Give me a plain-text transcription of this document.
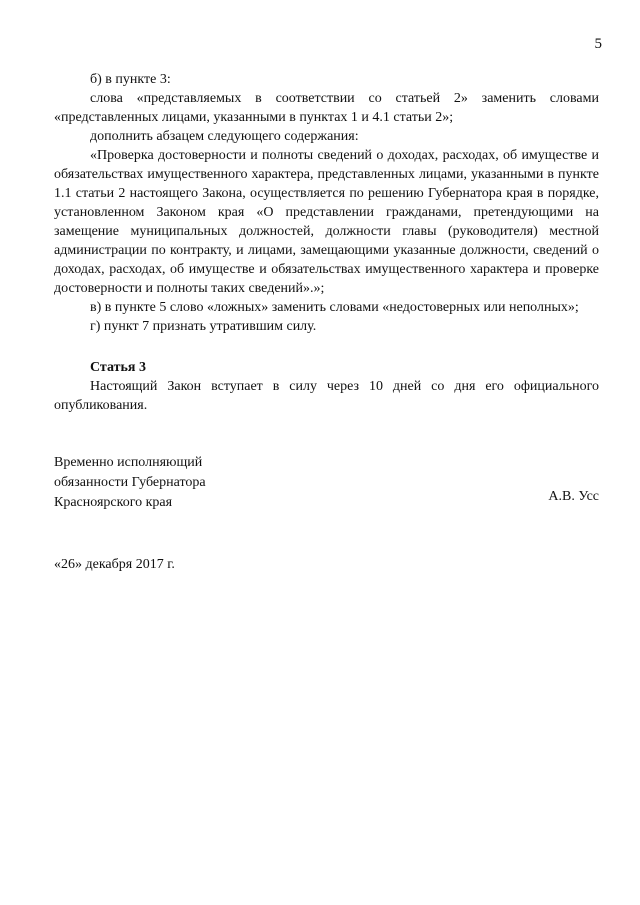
5

б) в пункте 3:

слова «представляемых в соответствии со статьей 2» заменить словами «представленных лицами, указанными в пунктах 1 и 4.1 статьи 2»;

дополнить абзацем следующего содержания:

«Проверка достоверности и полноты сведений о доходах, расходах, об имуществе и обязательствах имущественного характера, представленных лицами, указанными в пункте 1.1 статьи 2 настоящего Закона, осуществляется по решению Губернатора края в порядке, установленном Законом края «О представлении гражданами, претендующими на замещение муниципальных должностей, должности главы (руководителя) местной администрации по контракту, и лицами, замещающими указанные должности, сведений о доходах, расходах, об имуществе и обязательствах имущественного характера и проверке достоверности и полноты таких сведений».»;

в) в пункте 5 слово «ложных» заменить словами «недостоверных или неполных»;

г) пункт 7 признать утратившим силу.

Статья 3

Настоящий Закон вступает в силу через 10 дней со дня его официального опубликования.

Временно исполняющий

обязанности Губернатора

Красноярского края	А.В. Усс
«26» декабря 2017 г.
